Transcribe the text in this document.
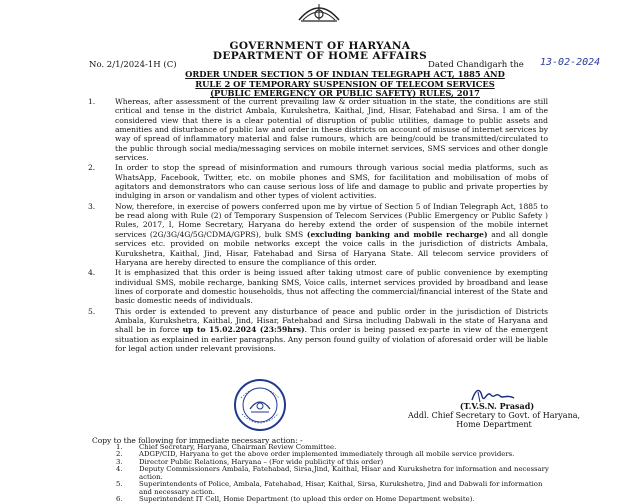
GOVERNMENT OF HARYANA
DEPARTMENT OF HOME AFFAIRS
No. 2/1/2024-1H (C)	Dated Chandigarh the 13-02-2024
ORDER UNDER SECTION 5 OF INDIAN TELEGRAPH ACT, 1885 AND
RULE 2 OF TEMPORARY SUSPENSION OF TELECOM SERVICES
(PUBLIC EMERGENCY OR PUBLIC SAFETY) RULES, 2017
1.	Whereas, after assessment of the current prevailing law & order situation in the state, the conditions are still critical and tense in the district Ambala, Kurukshetra, Kaithal, Jind, Hisar, Fatehabad and Sirsa. I am of the considered view that there is a clear potential of disruption of public utilities, damage to public assets and amenities and disturbance of public law and order in these districts on account of misuse of internet services by way of spread of inflammatory material and false rumours, which are being/could be transmitted/circulated to the public through social media/messaging services on mobile internet services, SMS services and other dongle services.
2.	In order to stop the spread of misinformation and rumours through various social media platforms, such as WhatsApp, Facebook, Twitter, etc. on mobile phones and SMS, for facilitation and mobilisation of mobs of agitators and demonstrators who can cause serious loss of life and damage to public and private properties by indulging in arson or vandalism and other types of violent activities.
3.	Now, therefore, in exercise of powers conferred upon me by virtue of Section 5 of Indian Telegraph Act, 1885 to be read along with Rule (2) of Temporary Suspension of Telecom Services (Public Emergency or Public Safety ) Rules, 2017, I, Home Secretary, Haryana do hereby extend the order of suspension of the mobile internet services (2G/3G/4G/5G/CDMA/GPRS), bulk SMS (excluding banking and mobile recharge) and all dongle services etc. provided on mobile networks except the voice calls in the jurisdiction of districts Ambala, Kurukshetra, Kaithal, Jind, Hisar, Fatehabad and Sirsa of Haryana State. All telecom service providers of Haryana are hereby directed to ensure the compliance of this order.
4.	It is emphasized that this order is being issued after taking utmost care of public convenience by exempting individual SMS, mobile recharge, banking SMS, Voice calls, internet services provided by broadband and lease lines of corporate and domestic households, thus not affecting the commercial/financial interest of the State and basic domestic needs of individuals.
5.	This order is extended to prevent any disturbance of peace and public order in the jurisdiction of Districts Ambala, Kurukshetra, Kaithal, Jind, Hisar, Fatehabad and Sirsa including Dabwali in the state of Haryana and shall be in force up to 15.02.2024 (23:59hrs). This order is being passed ex-parte in view of the emergent situation as explained in earlier paragraphs. Any person found guilty of violation of aforesaid order will be liable for legal action under relevant provisions.
(T.V.S.N. Prasad)
Addl. Chief Secretary to Govt. of Haryana,
Home Department
Copy to the following for immediate necessary action: -
1. Chief Secretary, Haryana, Chairman Review Committee.
2. ADGP/CID, Haryana to get the above order implemented immediately through all mobile service providers.
3. Director Public Relations, Haryana – (For wide publicity of this order)
4. Deputy Commissioners Ambala, Fatehabad, Sirsa,Jind, Kaithal, Hisar and Kurukshetra for information and necessary action.
5. Superintendents of Police, Ambala, Fatehabad, Hisar, Kaithal, Sirsa, Kurukshetra, Jind and Dabwali for information and necessary action.
6. Superintendent IT Cell, Home Department (to upload this order on Home Department website).
